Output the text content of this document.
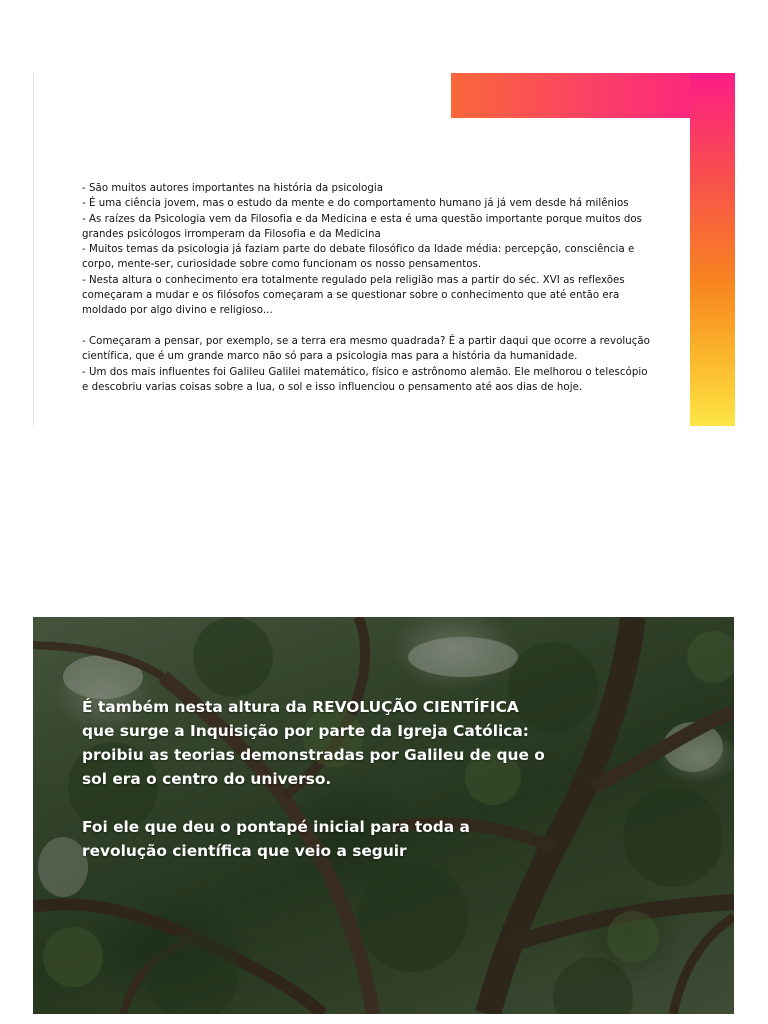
- São muitos autores importantes na história da psicologia

- É uma ciência jovem, mas o estudo da mente e do comportamento humano já já vem desde há milênios

- As raízes da Psicologia vem da Filosofia e da Medicina e esta é uma questão importante porque muitos dos grandes psicólogos irromperam da Filosofia e da Medicina

- Muitos temas da psicologia já faziam parte do debate filosófico da Idade média: percepção, consciência e corpo, mente-ser, curiosidade sobre como funcionam os nosso pensamentos.

- Nesta altura o conhecimento era totalmente regulado pela religião mas a partir do séc. XVI as reflexões começaram a mudar e os filósofos começaram a se questionar sobre o conhecimento que até então era moldado por algo divino e religioso...

- Começaram a pensar, por exemplo, se a terra era mesmo quadrada? É a partir daqui que ocorre a revolução científica, que é um grande marco não só para a psicologia mas para a história da humanidade.

- Um dos mais influentes foi Galileu Galilei matemático, físico e astrônomo alemão. Ele melhorou o telescópio e descobriu varias coisas sobre a lua, o sol e isso influenciou o pensamento até aos dias de hoje.

É também nesta altura da REVOLUÇÃO CIENTÍFICA que surge a Inquisição por parte da Igreja Católica: proibiu as teorias demonstradas por Galileu de que o sol era o centro do universo.

Foi ele que deu o pontapé inicial para toda a revolução científica que veio a seguir
